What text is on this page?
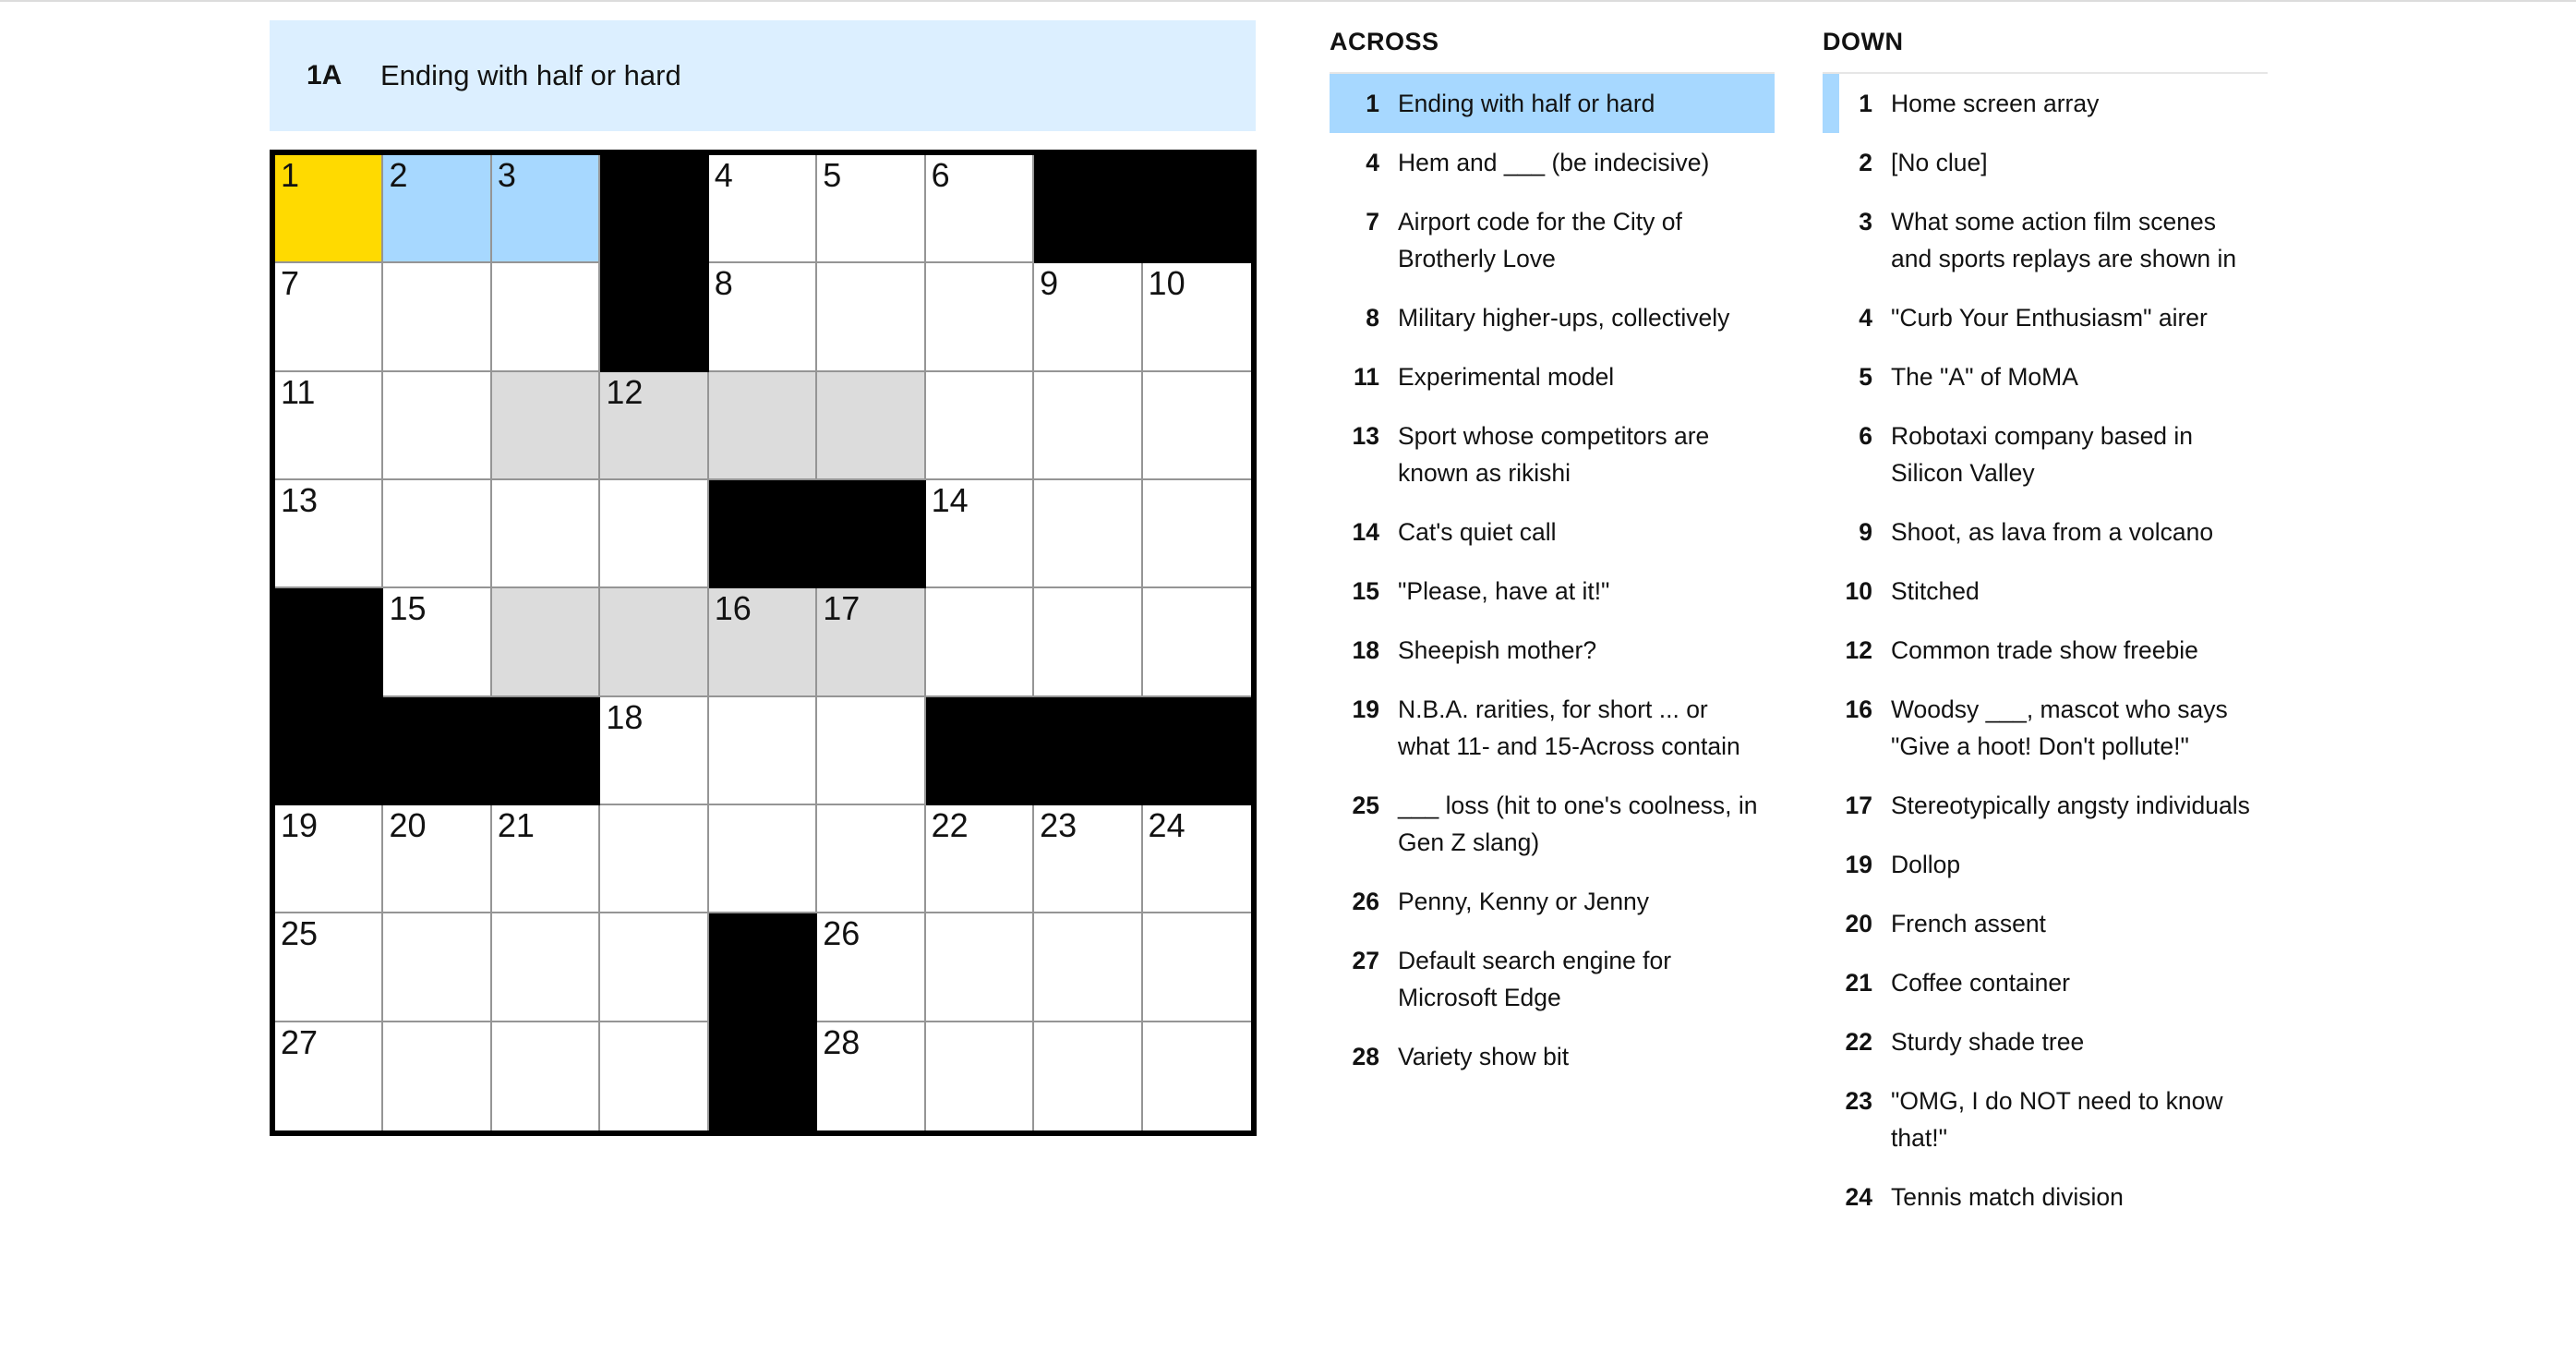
1A	Ending with half or hard
1	2	3	4	5	6
7	8	9	10
11	12
13	14
15	16 17
18
19 20 21	22 23 24
25	26
27	28
ACROSS
1 Ending with half or hard
4 Hem and ___ (be indecisive)
7 Airport code for the City of Brotherly Love
8 Military higher-ups, collectively
11 Experimental model
13 Sport whose competitors are known as rikishi
14 Cat's quiet call
15 "Please, have at it!"
18 Sheepish mother?
19 N.B.A. rarities, for short ... or what 11- and 15-Across contain
25 ___ loss (hit to one's coolness, in Gen Z slang)
26 Penny, Kenny or Jenny
27 Default search engine for Microsoft Edge
28 Variety show bit
DOWN
1 Home screen array
2 [No clue]
3 What some action film scenes and sports replays are shown in
4 "Curb Your Enthusiasm" airer
5 The "A" of MoMA
6 Robotaxi company based in Silicon Valley
9 Shoot, as lava from a volcano
10 Stitched
12 Common trade show freebie
16 Woodsy ___, mascot who says "Give a hoot! Don't pollute!"
17 Stereotypically angsty individuals
19 Dollop
20 French assent
21 Coffee container
22 Sturdy shade tree
23 "OMG, I do NOT need to know that!"
24 Tennis match division
